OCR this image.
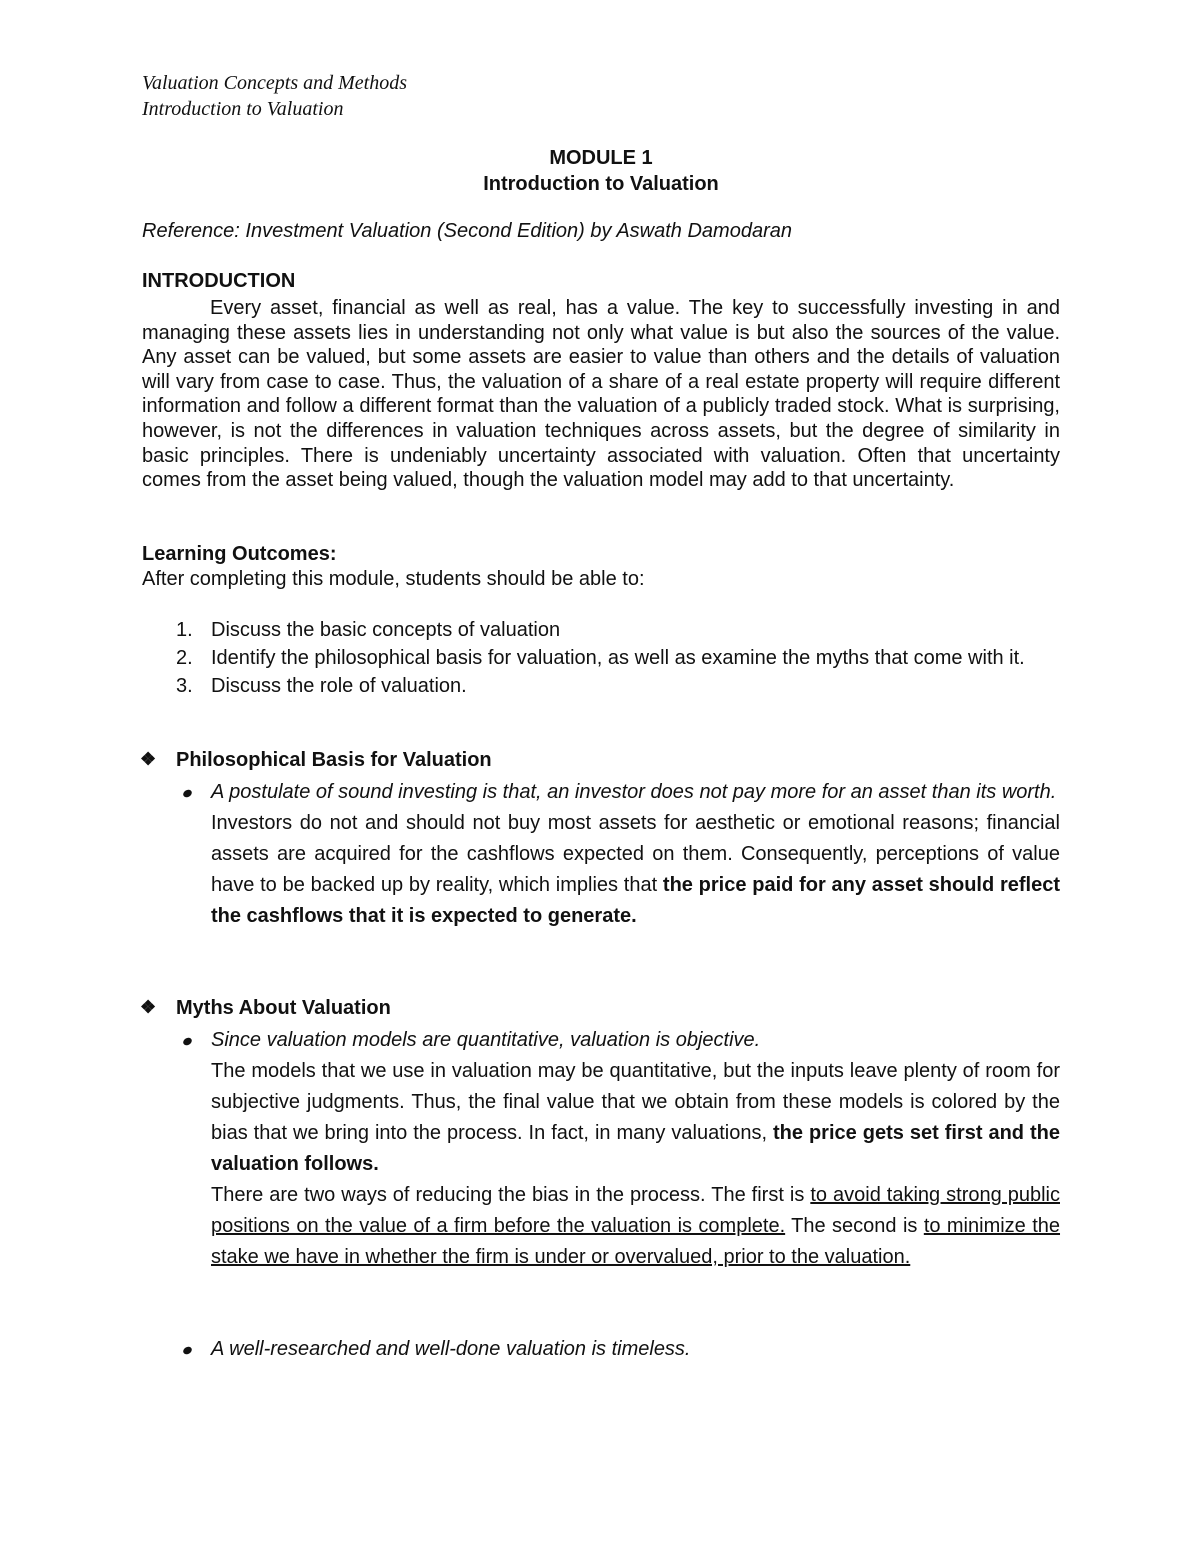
Valuation Concepts and Methods
Introduction to Valuation
MODULE 1
Introduction to Valuation
Reference: Investment Valuation (Second Edition) by Aswath Damodaran
INTRODUCTION

Every asset, financial as well as real, has a value. The key to successfully investing in and managing these assets lies in understanding not only what value is but also the sources of the value. Any asset can be valued, but some assets are easier to value than others and the details of valuation will vary from case to case. Thus, the valuation of a share of a real estate property will require different information and follow a different format than the valuation of a publicly traded stock. What is surprising, however, is not the differences in valuation techniques across assets, but the degree of similarity in basic principles. There is undeniably uncertainty associated with valuation. Often that uncertainty comes from the asset being valued, though the valuation model may add to that uncertainty.

Learning Outcomes:
After completing this module, students should be able to:
1. Discuss the basic concepts of valuation
2. Identify the philosophical basis for valuation, as well as examine the myths that come with it.
3. Discuss the role of valuation.
❖ Philosophical Basis for Valuation
A postulate of sound investing is that, an investor does not pay more for an asset than its worth.

Investors do not and should not buy most assets for aesthetic or emotional reasons; financial assets are acquired for the cashflows expected on them. Consequently, perceptions of value have to be backed up by reality, which implies that the price paid for any asset should reflect the cashflows that it is expected to generate.

❖ Myths About Valuation
Since valuation models are quantitative, valuation is objective.

The models that we use in valuation may be quantitative, but the inputs leave plenty of room for subjective judgments. Thus, the final value that we obtain from these models is colored by the bias that we bring into the process. In fact, in many valuations, the price gets set first and the valuation follows.

There are two ways of reducing the bias in the process. The first is to avoid taking strong public positions on the value of a firm before the valuation is complete. The second is to minimize the stake we have in whether the firm is under or overvalued, prior to the valuation.

A well-researched and well-done valuation is timeless.
